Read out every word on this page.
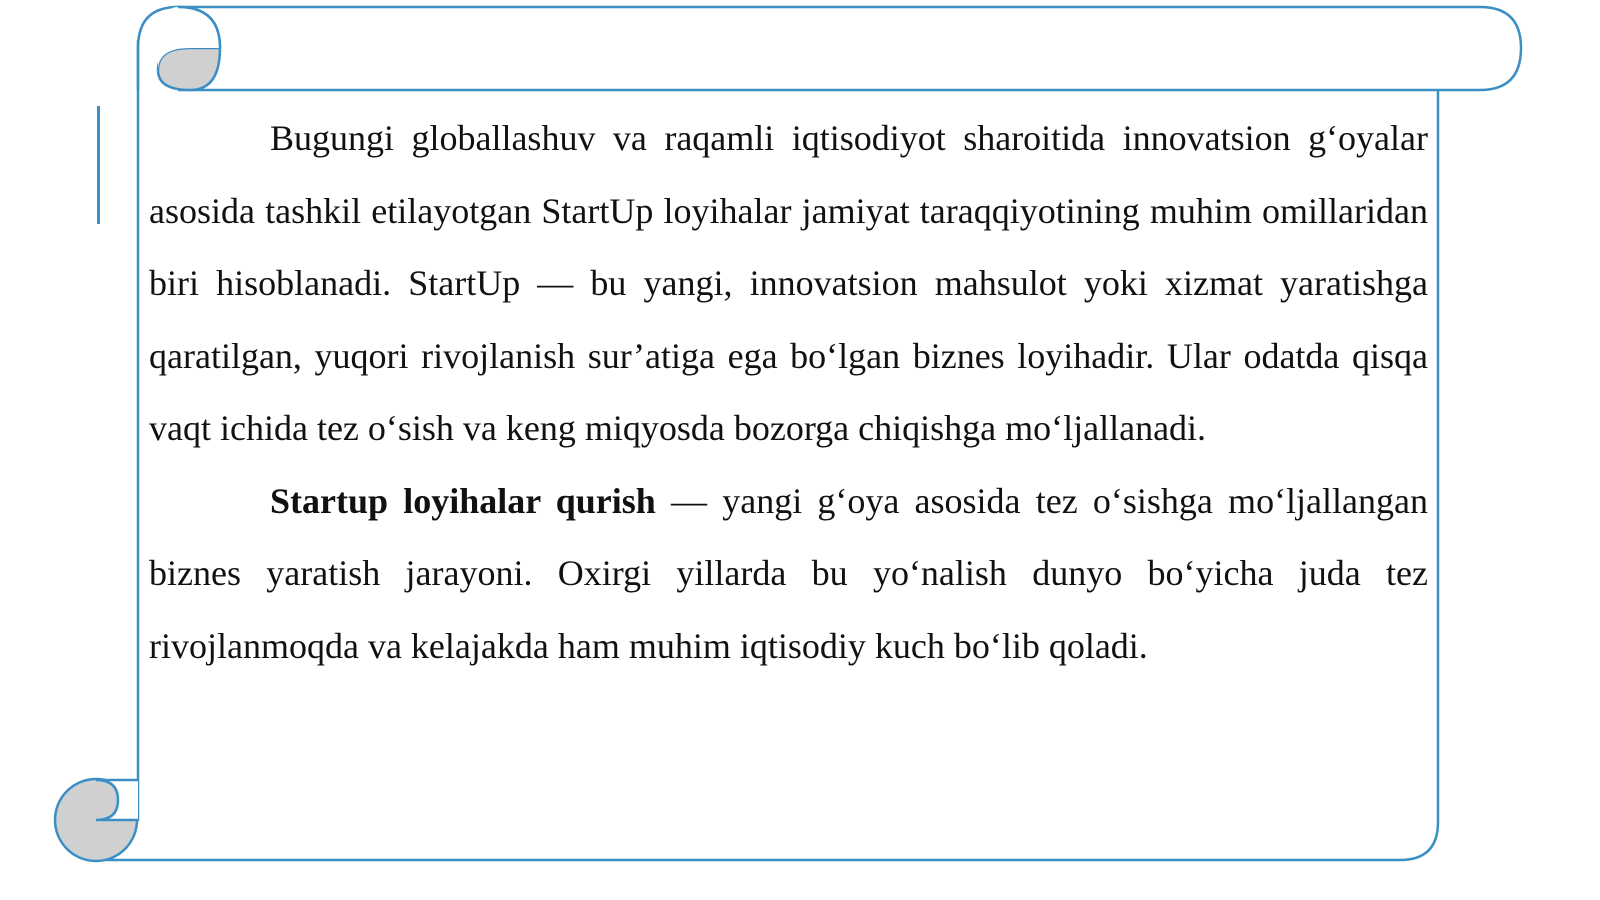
Bugungi globallashuv va raqamli iqtisodiyot sharoitida innovatsion g‘oyalar asosida tashkil etilayotgan StartUp loyihalar jamiyat taraqqiyotining muhim omillaridan biri hisoblanadi. StartUp — bu yangi, innovatsion mahsulot yoki xizmat yaratishga qaratilgan, yuqori rivojlanish sur’atiga ega bo‘lgan biznes loyihadir. Ular odatda qisqa vaqt ichida tez o‘sish va keng miqyosda bozorga chiqishga mo‘ljallanadi.

Startup loyihalar qurish — yangi g‘oya asosida tez o‘sishga mo‘ljallangan biznes yaratish jarayoni. Oxirgi yillarda bu yo‘nalish dunyo bo‘yicha juda tez rivojlanmoqda va kelajakda ham muhim iqtisodiy kuch bo‘lib qoladi.
